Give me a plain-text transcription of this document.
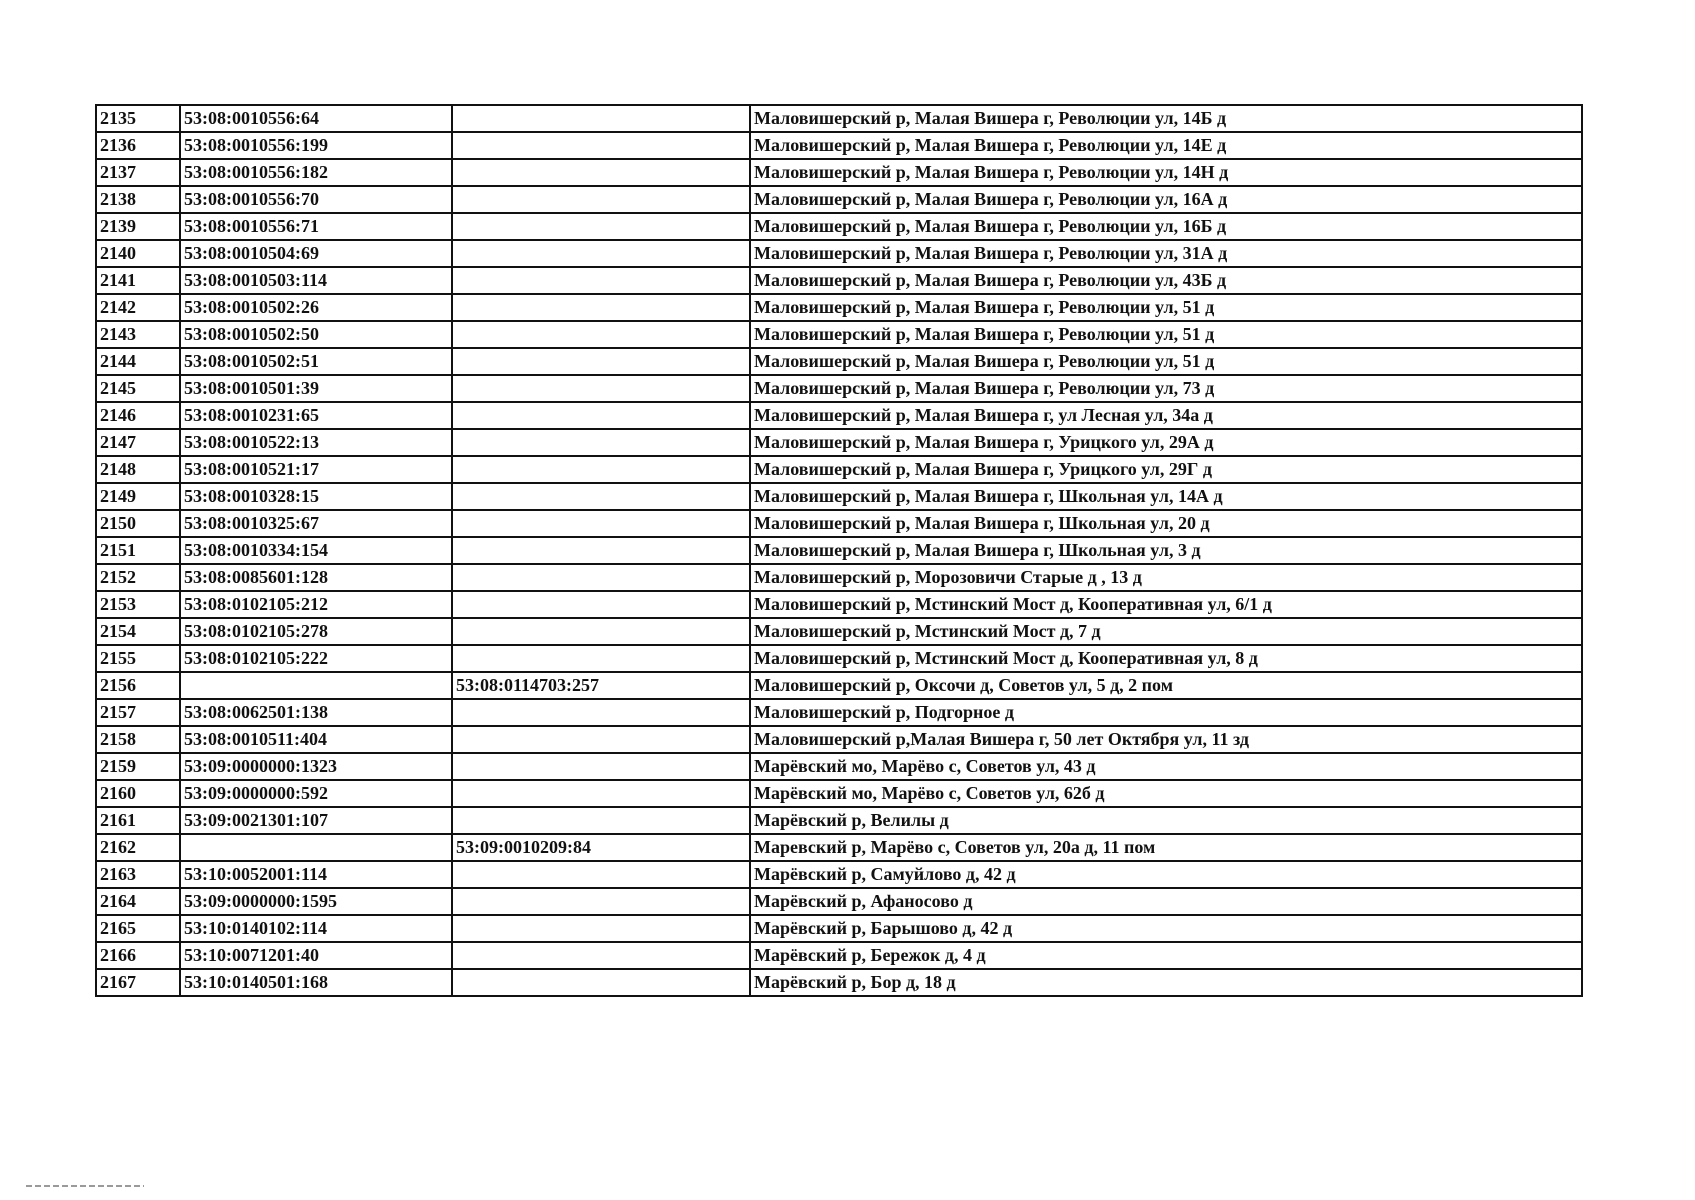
2135	53:08:0010556:64		Маловишерский р, Малая Вишера г, Революции ул, 14Б д
2136	53:08:0010556:199		Маловишерский р, Малая Вишера г, Революции ул, 14Е д
2137	53:08:0010556:182		Маловишерский р, Малая Вишера г, Революции ул, 14Н д
2138	53:08:0010556:70		Маловишерский р, Малая Вишера г, Революции ул, 16А д
2139	53:08:0010556:71		Маловишерский р, Малая Вишера г, Революции ул, 16Б д
2140	53:08:0010504:69		Маловишерский р, Малая Вишера г, Революции ул, 31А д
2141	53:08:0010503:114		Маловишерский р, Малая Вишера г, Революции ул, 43Б д
2142	53:08:0010502:26		Маловишерский р, Малая Вишера г, Революции ул, 51 д
2143	53:08:0010502:50		Маловишерский р, Малая Вишера г, Революции ул, 51 д
2144	53:08:0010502:51		Маловишерский р, Малая Вишера г, Революции ул, 51 д
2145	53:08:0010501:39		Маловишерский р, Малая Вишера г, Революции ул, 73 д
2146	53:08:0010231:65		Маловишерский р, Малая Вишера г, ул Лесная ул, 34а д
2147	53:08:0010522:13		Маловишерский р, Малая Вишера г, Урицкого ул, 29А д
2148	53:08:0010521:17		Маловишерский р, Малая Вишера г, Урицкого ул, 29Г д
2149	53:08:0010328:15		Маловишерский р, Малая Вишера г, Школьная ул, 14А д
2150	53:08:0010325:67		Маловишерский р, Малая Вишера г, Школьная ул, 20 д
2151	53:08:0010334:154		Маловишерский р, Малая Вишера г, Школьная ул, 3 д
2152	53:08:0085601:128		Маловишерский р, Морозовичи Старые д , 13 д
2153	53:08:0102105:212		Маловишерский р, Мстинский Мост д, Кооперативная ул, 6/1 д
2154	53:08:0102105:278		Маловишерский р, Мстинский Мост д, 7 д
2155	53:08:0102105:222		Маловишерский р, Мстинский Мост д, Кооперативная ул, 8 д
2156		53:08:0114703:257	Маловишерский р, Оксочи д, Советов ул, 5 д, 2 пом
2157	53:08:0062501:138		Маловишерский р, Подгорное д
2158	53:08:0010511:404		Маловишерский р,Малая Вишера г, 50 лет Октября ул, 11 зд
2159	53:09:0000000:1323		Марёвский мо, Марёво с, Советов ул, 43 д
2160	53:09:0000000:592		Марёвский мо, Марёво с, Советов ул, 62б д
2161	53:09:0021301:107		Марёвский р, Велилы д
2162		53:09:0010209:84	Маревский р, Марёво с, Советов ул, 20а д, 11 пом
2163	53:10:0052001:114		Марёвский р, Самуйлово д, 42 д
2164	53:09:0000000:1595		Марёвский р, Афаносово д
2165	53:10:0140102:114		Марёвский р, Барышово д, 42 д
2166	53:10:0071201:40		Марёвский р, Бережок д, 4 д
2167	53:10:0140501:168		Марёвский р, Бор д, 18 д
